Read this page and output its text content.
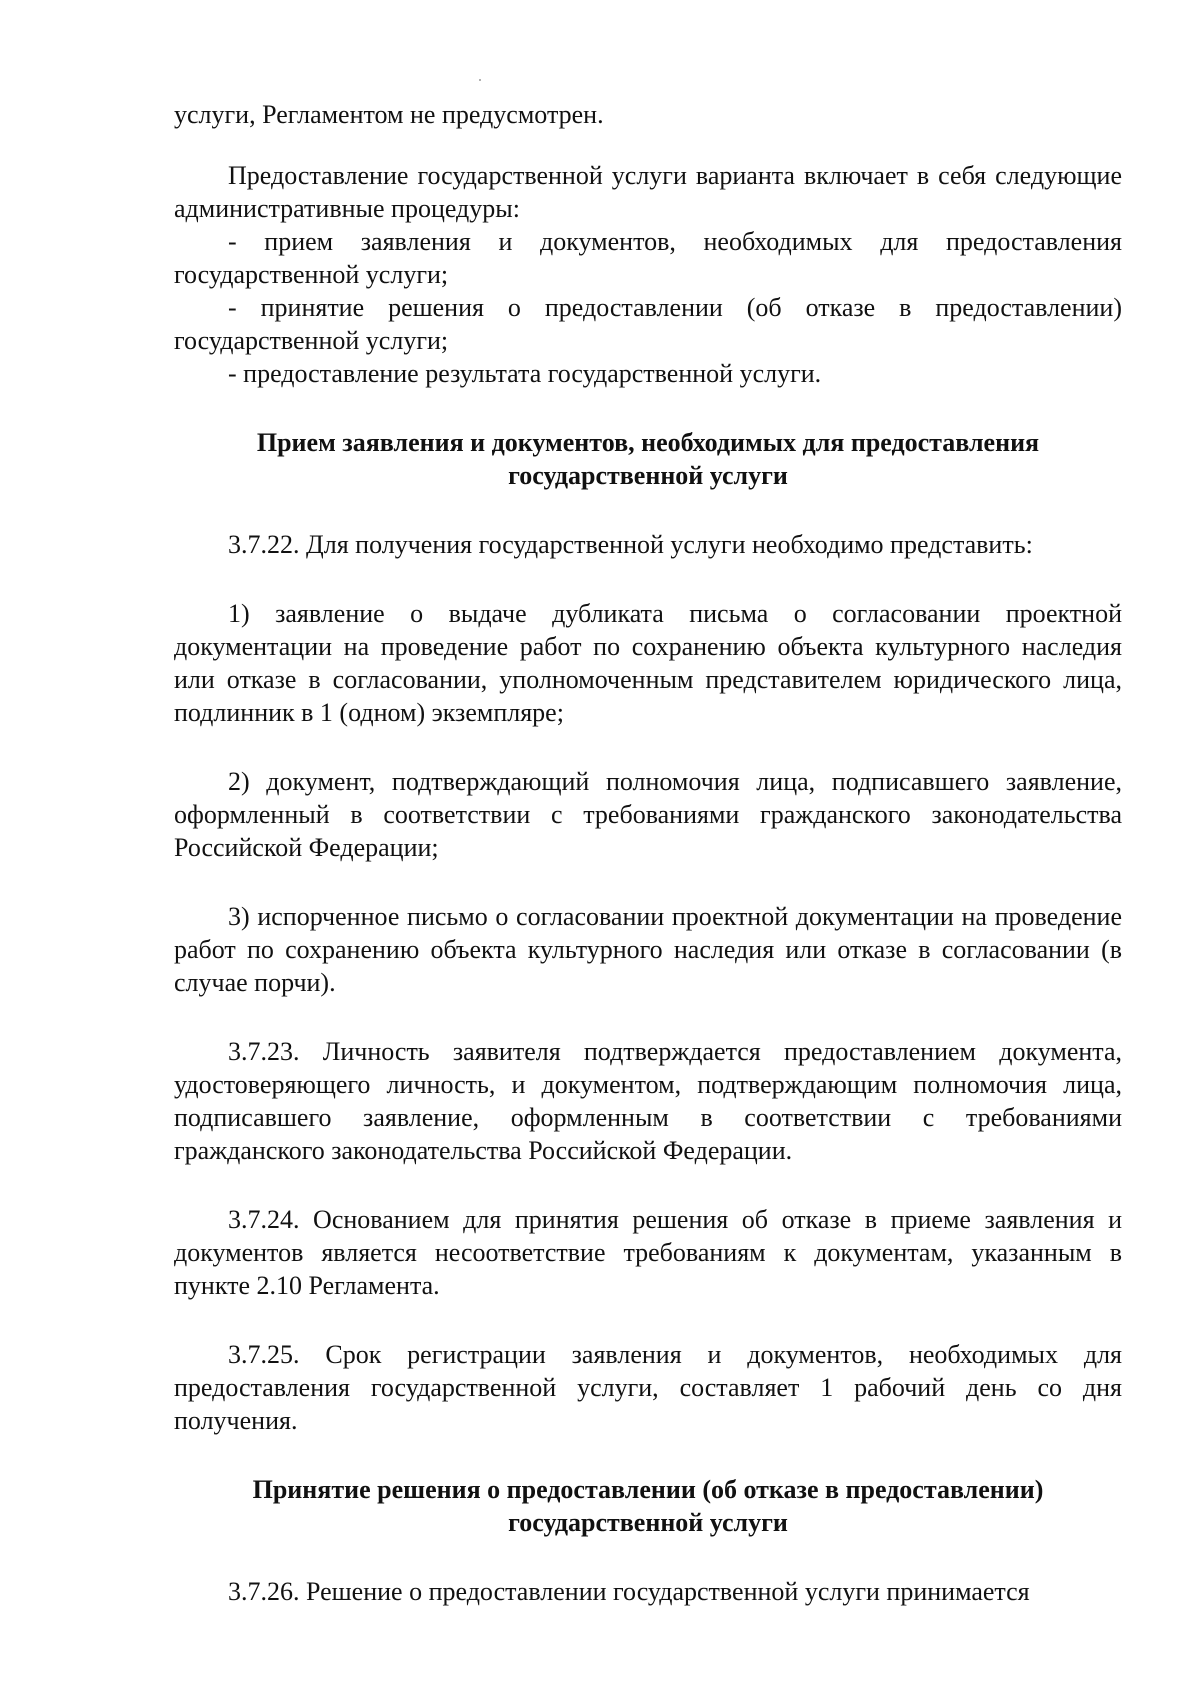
услуги, Регламентом не предусмотрен.

Предоставление государственной услуги варианта включает в себя следующие административные процедуры:

- прием заявления и документов, необходимых для предоставления государственной услуги;

- принятие решения о предоставлении (об отказе в предоставлении) государственной услуги;

- предоставление результата государственной услуги.

Прием заявления и документов, необходимых для предоставления государственной услуги

3.7.22. Для получения государственной услуги необходимо представить:

1) заявление о выдаче дубликата письма о согласовании проектной документации на проведение работ по сохранению объекта культурного наследия или отказе в согласовании, уполномоченным представителем юридического лица, подлинник в 1 (одном) экземпляре;

2) документ, подтверждающий полномочия лица, подписавшего заявление, оформленный в соответствии с требованиями гражданского законодательства Российской Федерации;

3) испорченное письмо о согласовании проектной документации на проведение работ по сохранению объекта культурного наследия или отказе в согласовании (в случае порчи).

3.7.23. Личность заявителя подтверждается предоставлением документа, удостоверяющего личность, и документом, подтверждающим полномочия лица, подписавшего заявление, оформленным в соответствии с требованиями гражданского законодательства Российской Федерации.

3.7.24. Основанием для принятия решения об отказе в приеме заявления и документов является несоответствие требованиям к документам, указанным в пункте 2.10 Регламента.

3.7.25. Срок регистрации заявления и документов, необходимых для предоставления государственной услуги, составляет 1 рабочий день со дня получения.

Принятие решения о предоставлении (об отказе в предоставлении) государственной услуги

3.7.26. Решение о предоставлении государственной услуги принимается
